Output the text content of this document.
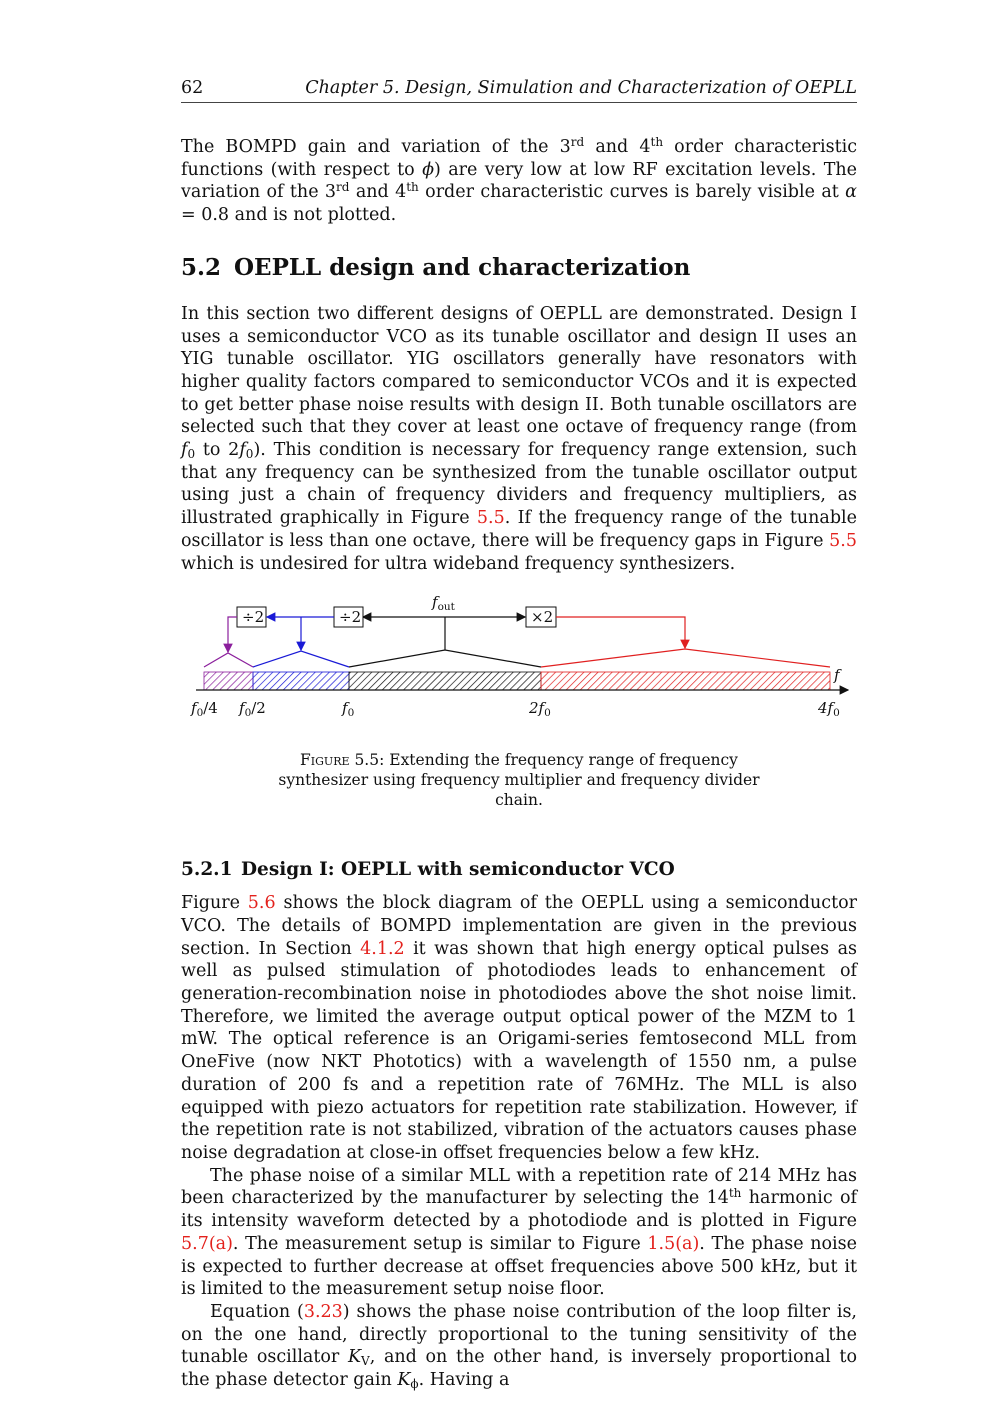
62	Chapter 5. Design, Simulation and Characterization of OEPLL

The BOMPD gain and variation of the 3rd and 4th order characteristic functions (with respect to ϕ) are very low at low RF excitation levels. The variation of the 3rd and 4th order characteristic curves is barely visible at α = 0.8 and is not plotted.

5.2 OEPLL design and characterization

In this section two different designs of OEPLL are demonstrated. Design I uses a semiconductor VCO as its tunable oscillator and design II uses an YIG tunable oscillator. YIG oscillators generally have resonators with higher quality factors compared to semiconductor VCOs and it is expected to get better phase noise results with design II. Both tunable oscillators are selected such that they cover at least one octave of frequency range (from $f_0$ to $2f_0$). This condition is necessary for frequency range extension, such that any frequency can be synthesized from the tunable oscillator output using just a chain of frequency dividers and frequency multipliers, as illustrated graphically in Figure 5.5. If the frequency range of the tunable oscillator is less than one octave, there will be frequency gaps in Figure 5.5 which is undesired for ultra wideband frequency synthesizers.

f
$f_{out}$
÷2
÷2	×2
$f_0/4$ $f_0/2$	$f_0$	$2f_0$	$4f_0$

Figure 5.5: Extending the frequency range of frequency synthesizer using frequency multiplier and frequency divider chain.

5.2.1 Design I: OEPLL with semiconductor VCO

Figure 5.6 shows the block diagram of the OEPLL using a semiconductor VCO. The details of BOMPD implementation are given in the previous section. In Section 4.1.2 it was shown that high energy optical pulses as well as pulsed stimulation of photodiodes leads to enhancement of generation-recombination noise in photodiodes above the shot noise limit. Therefore, we limited the average output optical power of the MZM to 1 mW. The optical reference is an Origami-series femtosecond MLL from OneFive (now NKT Phototics) with a wavelength of 1550 nm, a pulse duration of 200 fs and a repetition rate of 76MHz. The MLL is also equipped with piezo actuators for repetition rate stabilization. However, if the repetition rate is not stabilized, vibration of the actuators causes phase noise degradation at close-in offset frequencies below a few kHz.

The phase noise of a similar MLL with a repetition rate of 214 MHz has been characterized by the manufacturer by selecting the 14th harmonic of its intensity waveform detected by a photodiode and is plotted in Figure 5.7(a). The measurement setup is similar to Figure 1.5(a). The phase noise is expected to further decrease at offset frequencies above 500 kHz, but it is limited to the measurement setup noise floor.

Equation (3.23) shows the phase noise contribution of the loop filter is, on the one hand, directly proportional to the tuning sensitivity of the tunable oscillator $K_V$, and on the other hand, is inversely proportional to the phase detector gain $K_\phi$. Having a
